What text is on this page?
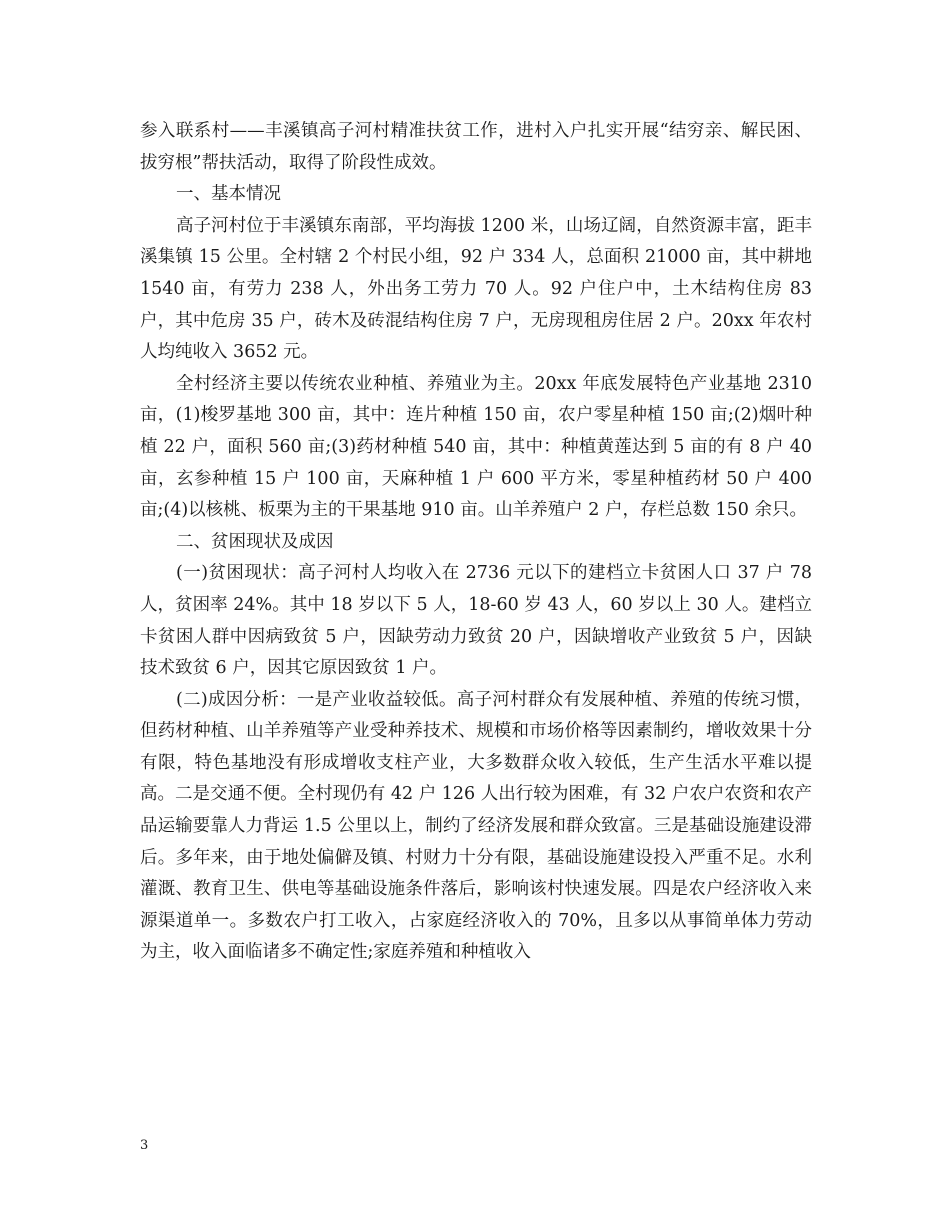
参入联系村——丰溪镇高子河村精准扶贫工作，进村入户扎实开展“结穷亲、解民困、拔穷根”帮扶活动，取得了阶段性成效。

一、基本情况

高子河村位于丰溪镇东南部，平均海拔 1200 米，山场辽阔，自然资源丰富，距丰溪集镇 15 公里。全村辖 2 个村民小组，92 户 334 人，总面积 21000 亩，其中耕地 1540 亩，有劳力 238 人，外出务工劳力 70 人。92 户住户中，土木结构住房 83 户，其中危房 35 户，砖木及砖混结构住房 7 户，无房现租房住居 2 户。20xx 年农村人均纯收入 3652 元。

全村经济主要以传统农业种植、养殖业为主。20xx 年底发展特色产业基地 2310 亩，(1)梭罗基地 300 亩，其中：连片种植 150 亩，农户零星种植 150 亩;(2)烟叶种植 22 户，面积 560 亩;(3)药材种植 540 亩，其中：种植黄莲达到 5 亩的有 8 户 40 亩，玄参种植 15 户 100 亩，天麻种植 1 户 600 平方米，零星种植药材 50 户 400 亩;(4)以核桃、板栗为主的干果基地 910 亩。山羊养殖户 2 户，存栏总数 150 余只。

二、贫困现状及成因

(一)贫困现状：高子河村人均收入在 2736 元以下的建档立卡贫困人口 37 户 78 人，贫困率 24%。其中 18 岁以下 5 人，18-60 岁 43 人，60 岁以上 30 人。建档立卡贫困人群中因病致贫 5 户，因缺劳动力致贫 20 户，因缺增收产业致贫 5 户，因缺技术致贫 6 户，因其它原因致贫 1 户。

(二)成因分析：一是产业收益较低。高子河村群众有发展种植、养殖的传统习惯，但药材种植、山羊养殖等产业受种养技术、规模和市场价格等因素制约，增收效果十分有限，特色基地没有形成增收支柱产业，大多数群众收入较低，生产生活水平难以提高。二是交通不便。全村现仍有 42 户 126 人出行较为困难，有 32 户农户农资和农产品运输要靠人力背运 1.5 公里以上，制约了经济发展和群众致富。三是基础设施建设滞后。多年来，由于地处偏僻及镇、村财力十分有限，基础设施建设投入严重不足。水利灌溉、教育卫生、供电等基础设施条件落后，影响该村快速发展。四是农户经济收入来源渠道单一。多数农户打工收入，占家庭经济收入的 70%，且多以从事简单体力劳动为主，收入面临诸多不确定性;家庭养殖和种植收入

3
